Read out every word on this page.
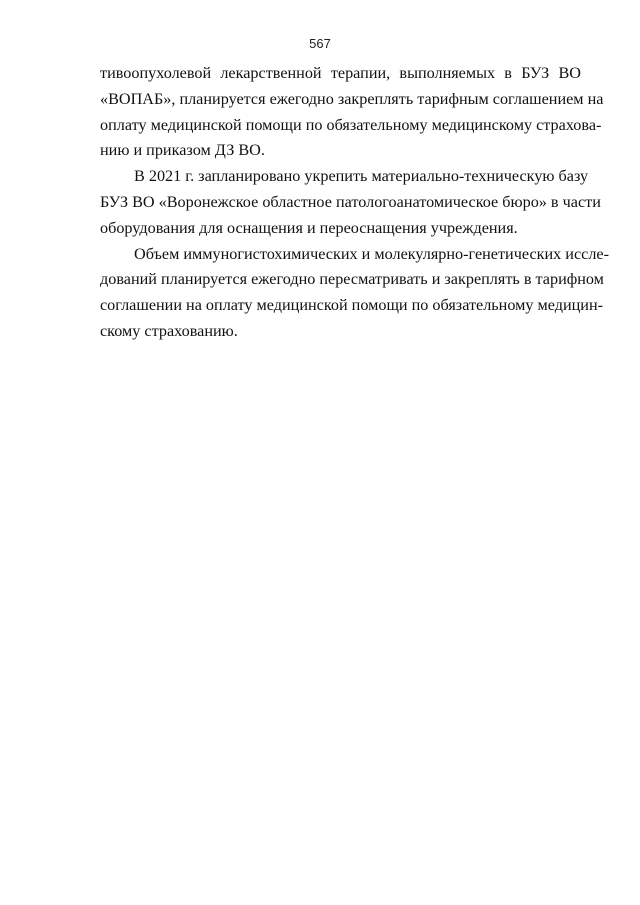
567

тивоопухолевой лекарственной терапии, выполняемых в БУЗ ВО
«ВОПАБ», планируется ежегодно закреплять тарифным соглашением на
оплату медицинской помощи по обязательному медицинскому страхова-
нию и приказом ДЗ ВО.

В 2021 г. запланировано укрепить материально-техническую базу
БУЗ ВО «Воронежское областное патологоанатомическое бюро» в части
оборудования для оснащения и переоснащения учреждения.

Объем иммуногистохимических и молекулярно-генетических иссле-
дований планируется ежегодно пересматривать и закреплять в тарифном
соглашении на оплату медицинской помощи по обязательному медицин-
скому страхованию.
